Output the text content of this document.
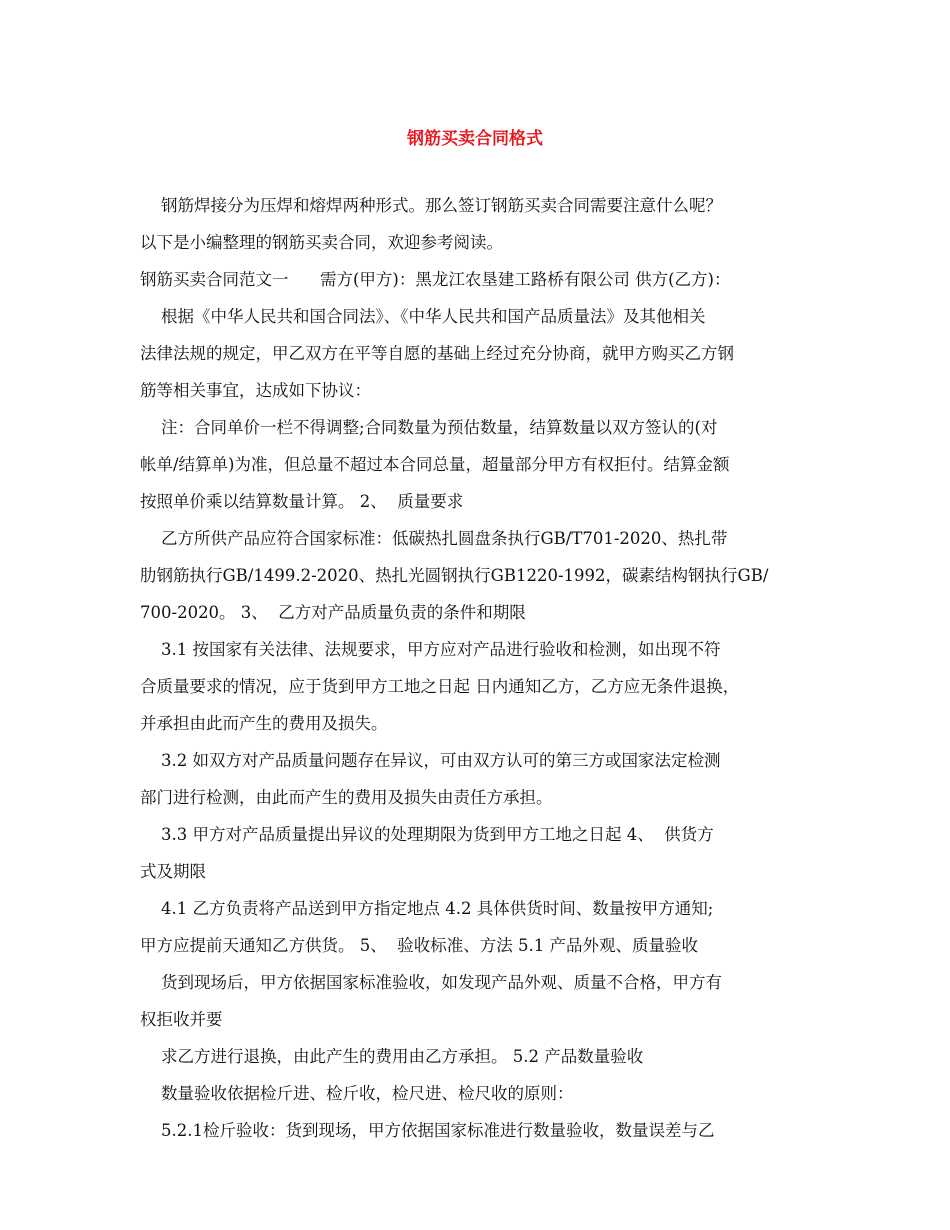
钢筋买卖合同格式
钢筋焊接分为压焊和熔焊两种形式。那么签订钢筋买卖合同需要注意什么呢？
以下是小编整理的钢筋买卖合同，欢迎参考阅读。
钢筋买卖合同范文一      需方(甲方)：黑龙江农垦建工路桥有限公司 供方(乙方)：
根据《中华人民共和国合同法》、《中华人民共和国产品质量法》及其他相关
法律法规的规定，甲乙双方在平等自愿的基础上经过充分协商，就甲方购买乙方钢
筋等相关事宜，达成如下协议：
注：合同单价一栏不得调整;合同数量为预估数量，结算数量以双方签认的(对
帐单/结算单)为准，但总量不超过本合同总量，超量部分甲方有权拒付。结算金额
按照单价乘以结算数量计算。 2、  质量要求
乙方所供产品应符合国家标准：低碳热扎圆盘条执行GB/T701-2020、热扎带
肋钢筋执行GB/1499.2-2020、热扎光圆钢执行GB1220-1992，碳素结构钢执行GB/
700-2020。 3、  乙方对产品质量负责的条件和期限
3.1 按国家有关法律、法规要求，甲方应对产品进行验收和检测，如出现不符
合质量要求的情况，应于货到甲方工地之日起 日内通知乙方，乙方应无条件退换，
并承担由此而产生的费用及损失。
3.2 如双方对产品质量问题存在异议，可由双方认可的第三方或国家法定检测
部门进行检测，由此而产生的费用及损失由责任方承担。
3.3 甲方对产品质量提出异议的处理期限为货到甲方工地之日起 4、  供货方
式及期限
4.1 乙方负责将产品送到甲方指定地点 4.2 具体供货时间、数量按甲方通知;
甲方应提前天通知乙方供货。 5、  验收标准、方法 5.1 产品外观、质量验收
货到现场后，甲方依据国家标准验收，如发现产品外观、质量不合格，甲方有
权拒收并要
求乙方进行退换，由此产生的费用由乙方承担。 5.2 产品数量验收
数量验收依据检斤进、检斤收，检尺进、检尺收的原则：
5.2.1检斤验收：货到现场，甲方依据国家标准进行数量验收，数量误差与乙
